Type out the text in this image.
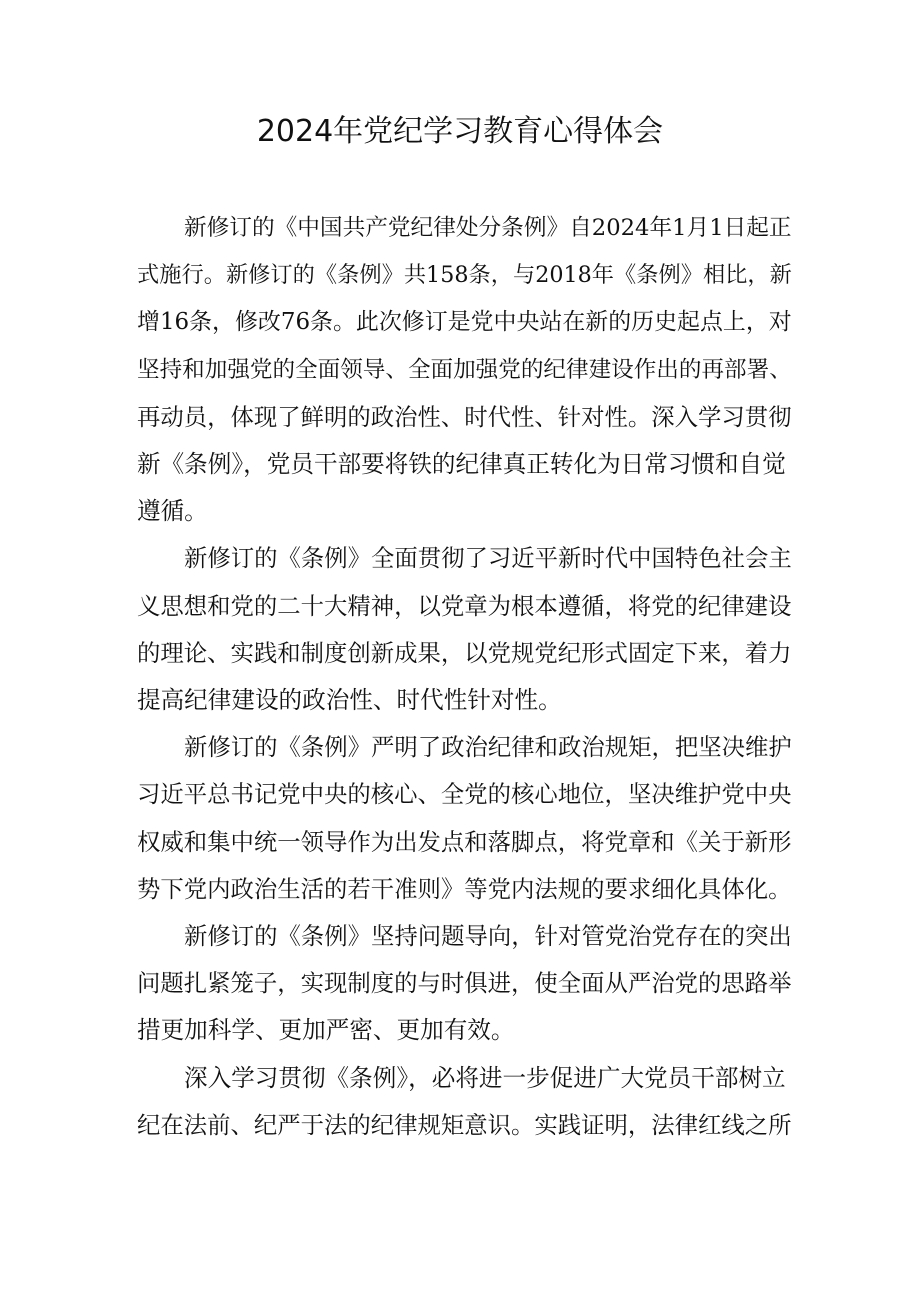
2024年党纪学习教育心得体会

新修订的《中国共产党纪律处分条例》自2024年1月1日起正
式施行。新修订的《条例》共158条，与2018年《条例》相比，新
增16条，修改76条。此次修订是党中央站在新的历史起点上，对
坚持和加强党的全面领导、全面加强党的纪律建设作出的再部署、
再动员，体现了鲜明的政治性、时代性、针对性。深入学习贯彻
新《条例》，党员干部要将铁的纪律真正转化为日常习惯和自觉
遵循。

新修订的《条例》全面贯彻了习近平新时代中国特色社会主
义思想和党的二十大精神，以党章为根本遵循，将党的纪律建设
的理论、实践和制度创新成果，以党规党纪形式固定下来，着力
提高纪律建设的政治性、时代性针对性。

新修订的《条例》严明了政治纪律和政治规矩，把坚决维护
习近平总书记党中央的核心、全党的核心地位，坚决维护党中央
权威和集中统一领导作为出发点和落脚点，将党章和《关于新形
势下党内政治生活的若干准则》等党内法规的要求细化具体化。

新修订的《条例》坚持问题导向，针对管党治党存在的突出
问题扎紧笼子，实现制度的与时俱进，使全面从严治党的思路举
措更加科学、更加严密、更加有效。

深入学习贯彻《条例》，必将进一步促进广大党员干部树立
纪在法前、纪严于法的纪律规矩意识。实践证明，法律红线之所
